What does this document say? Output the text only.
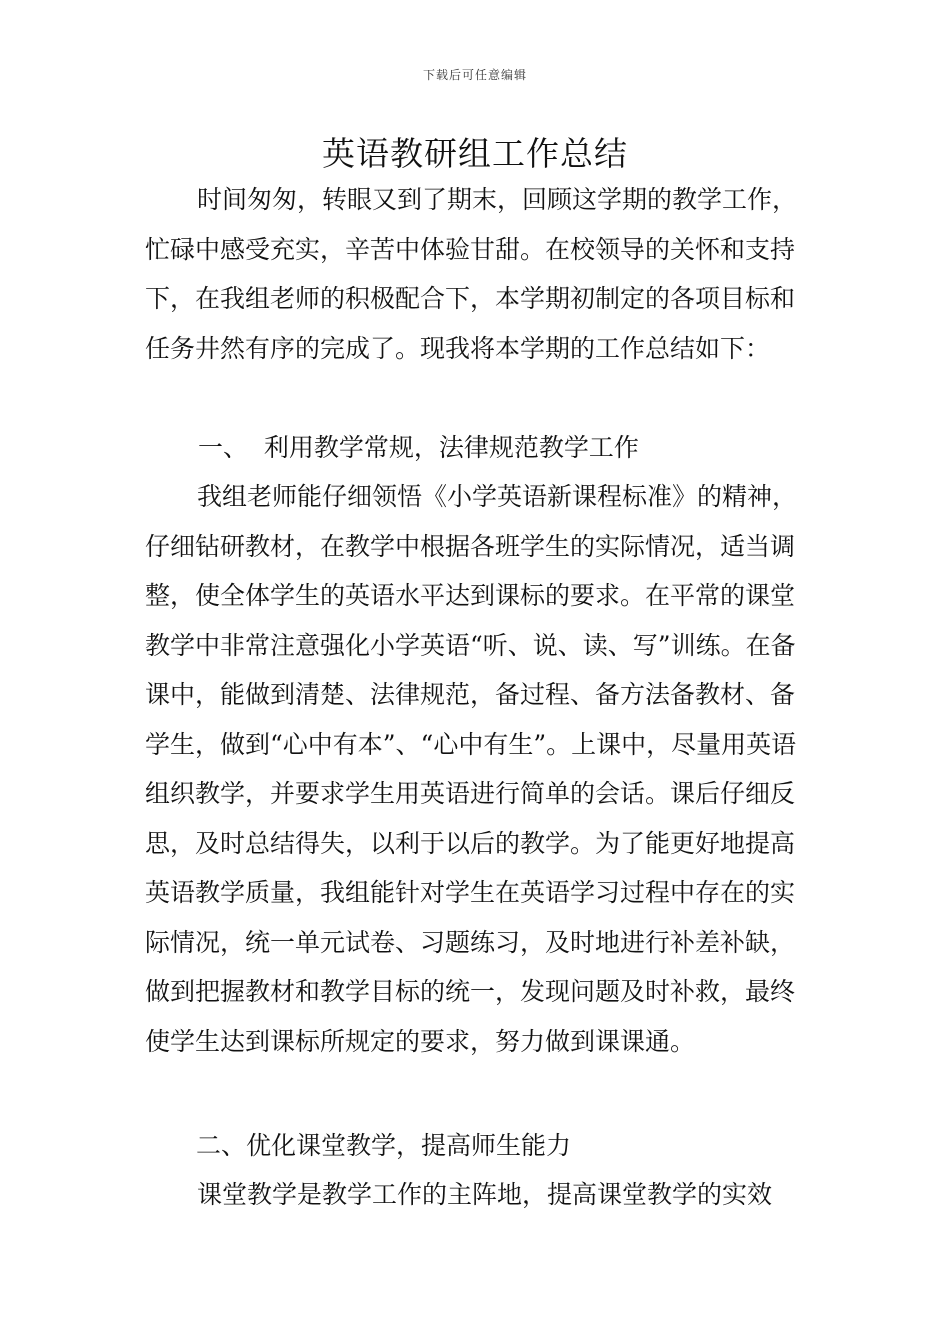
下载后可任意编辑
英语教研组工作总结

时间匆匆，转眼又到了期末，回顾这学期的教学工作，忙碌中感受充实，辛苦中体验甘甜。在校领导的关怀和支持下，在我组老师的积极配合下，本学期初制定的各项目标和任务井然有序的完成了。现我将本学期的工作总结如下：

一、  利用教学常规，法律规范教学工作

我组老师能仔细领悟《小学英语新课程标准》的精神，仔细钻研教材，在教学中根据各班学生的实际情况，适当调整，使全体学生的英语水平达到课标的要求。在平常的课堂教学中非常注意强化小学英语“听、说、读、写”训练。在备课中，能做到清楚、法律规范，备过程、备方法备教材、备学生，做到“心中有本”、“心中有生”。上课中，尽量用英语组织教学，并要求学生用英语进行简单的会话。课后仔细反思，及时总结得失，以利于以后的教学。为了能更好地提高英语教学质量，我组能针对学生在英语学习过程中存在的实际情况，统一单元试卷、习题练习，及时地进行补差补缺，做到把握教材和教学目标的统一，发现问题及时补救，最终使学生达到课标所规定的要求，努力做到课课通。

二、优化课堂教学，提高师生能力

课堂教学是教学工作的主阵地，提高课堂教学的实效
